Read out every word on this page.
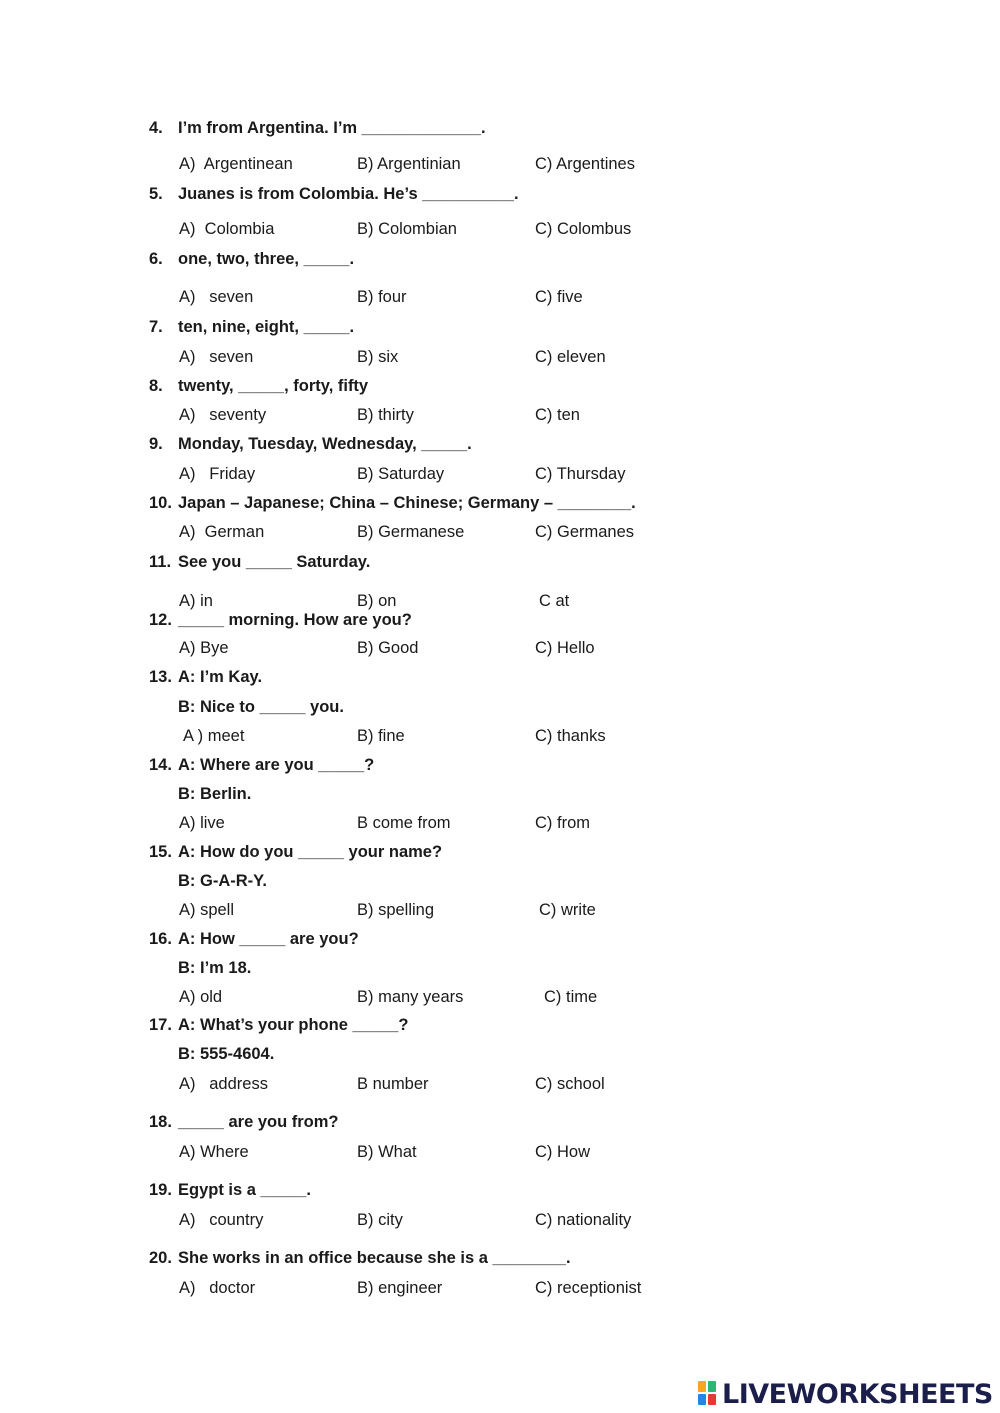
4. I’m from Argentina. I’m _____________.
A)  Argentinean	B) Argentinian	C) Argentines
5. Juanes is from Colombia. He’s __________.
A)  Colombia	B) Colombian	C) Colombus
6. one, two, three, _____.
A)   seven	B) four	C) five
7. ten, nine, eight, _____.
A)   seven	B) six	C) eleven
8. twenty, _____, forty, fifty
A)   seventy	B) thirty	C) ten
9. Monday, Tuesday, Wednesday, _____.
A)   Friday	B) Saturday	C) Thursday
10. Japan – Japanese; China – Chinese; Germany – ________.
A)  German	B) Germanese	C) Germanes
11. See you _____ Saturday.
A) in	B) on	C at
12. _____ morning. How are you?
A) Bye	B) Good	C) Hello
13. A: I’m Kay.
B: Nice to _____ you.
A ) meet	B) fine	C) thanks
14. A: Where are you _____?
B: Berlin.
A) live	B come from	C) from
15. A: How do you _____ your name?
B: G-A-R-Y.
A) spell	B) spelling	C) write
16. A: How _____ are you?
B: I’m 18.
A) old	B) many years	C) time
17. A: What’s your phone _____?
B: 555-4604.
A)   address	B number	C) school
18. _____ are you from?
A) Where	B) What	C) How
19. Egypt is a _____.
A)   country	B) city	C) nationality
20. She works in an office because she is a ________.
A)   doctor	B) engineer	C) receptionist
LIVEWORKSHEETS
